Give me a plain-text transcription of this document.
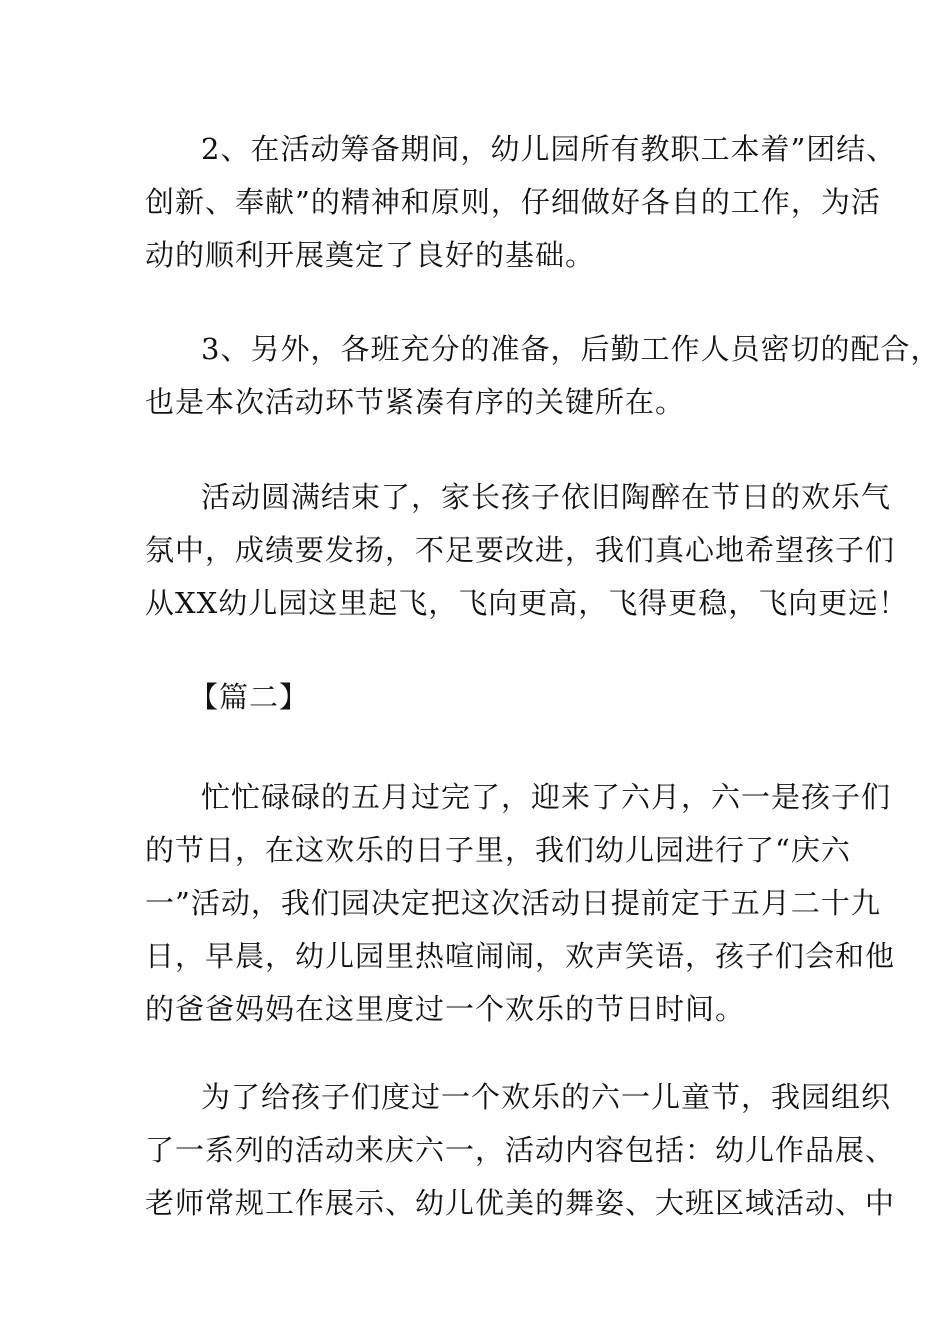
2、在活动筹备期间，幼儿园所有教职工本着”团结、
创新、奉献”的精神和原则，仔细做好各自的工作，为活
动的顺利开展奠定了良好的基础。
3、另外，各班充分的准备，后勤工作人员密切的配合，
也是本次活动环节紧凑有序的关键所在。
活动圆满结束了，家长孩子依旧陶醉在节日的欢乐气
氛中，成绩要发扬，不足要改进，我们真心地希望孩子们
从XX幼儿园这里起飞，飞向更高，飞得更稳，飞向更远！
【篇二】
忙忙碌碌的五月过完了，迎来了六月，六一是孩子们
的节日，在这欢乐的日子里，我们幼儿园进行了“庆六
一”活动，我们园决定把这次活动日提前定于五月二十九
日，早晨，幼儿园里热喧闹闹，欢声笑语，孩子们会和他
的爸爸妈妈在这里度过一个欢乐的节日时间。
为了给孩子们度过一个欢乐的六一儿童节，我园组织
了一系列的活动来庆六一，活动内容包括：幼儿作品展、
老师常规工作展示、幼儿优美的舞姿、大班区域活动、中
